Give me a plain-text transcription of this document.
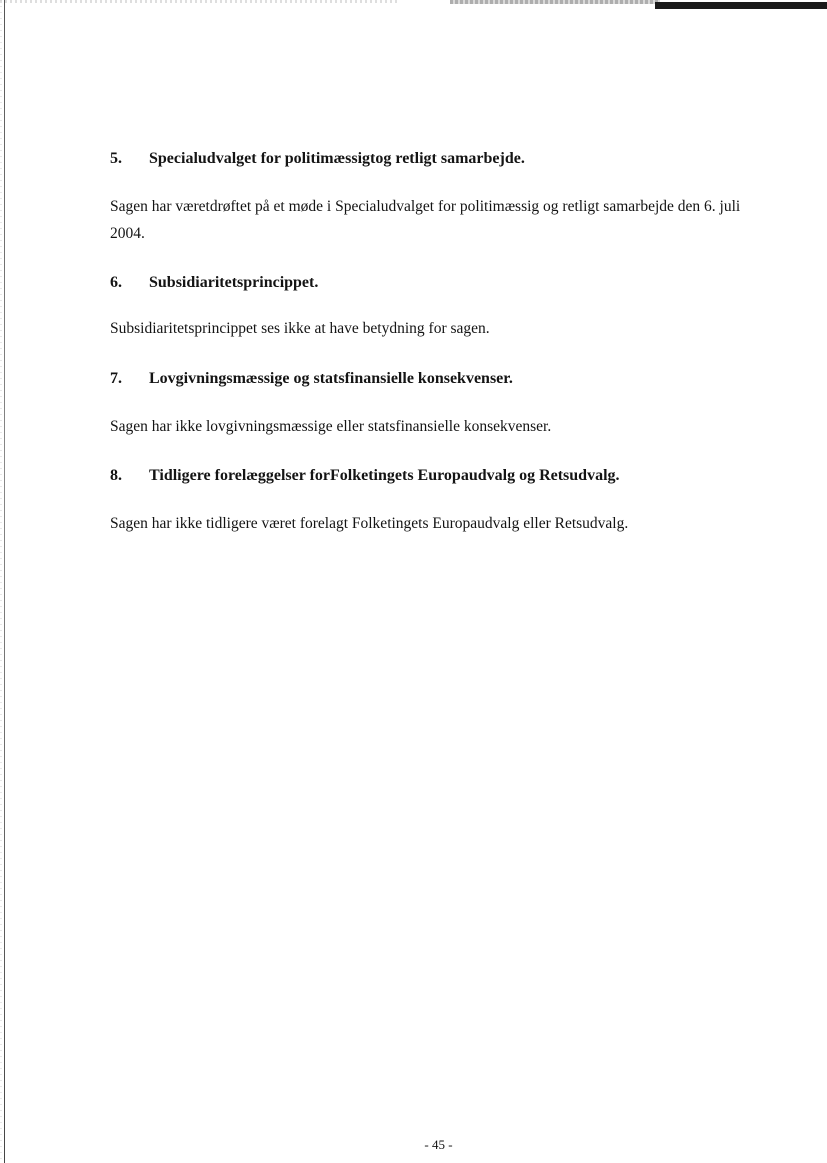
5. Specialudvalget for politimæssigtog retligt samarbejde.
Sagen har væretdrøftet på et møde i Specialudvalget for politimæssig og retligt samarbejde den 6. juli 2004.
6. Subsidiaritetsprincippet.
Subsidiaritetsprincippet ses ikke at have betydning for sagen.
7. Lovgivningsmæssige og statsfinansielle konsekvenser.
Sagen har ikke lovgivningsmæssige eller statsfinansielle konsekvenser.
8. Tidligere forelæggelser forFolketingets Europaudvalg og Retsudvalg.
Sagen har ikke tidligere været forelagt Folketingets Europaudvalg eller Retsudvalg.
- 45 -
